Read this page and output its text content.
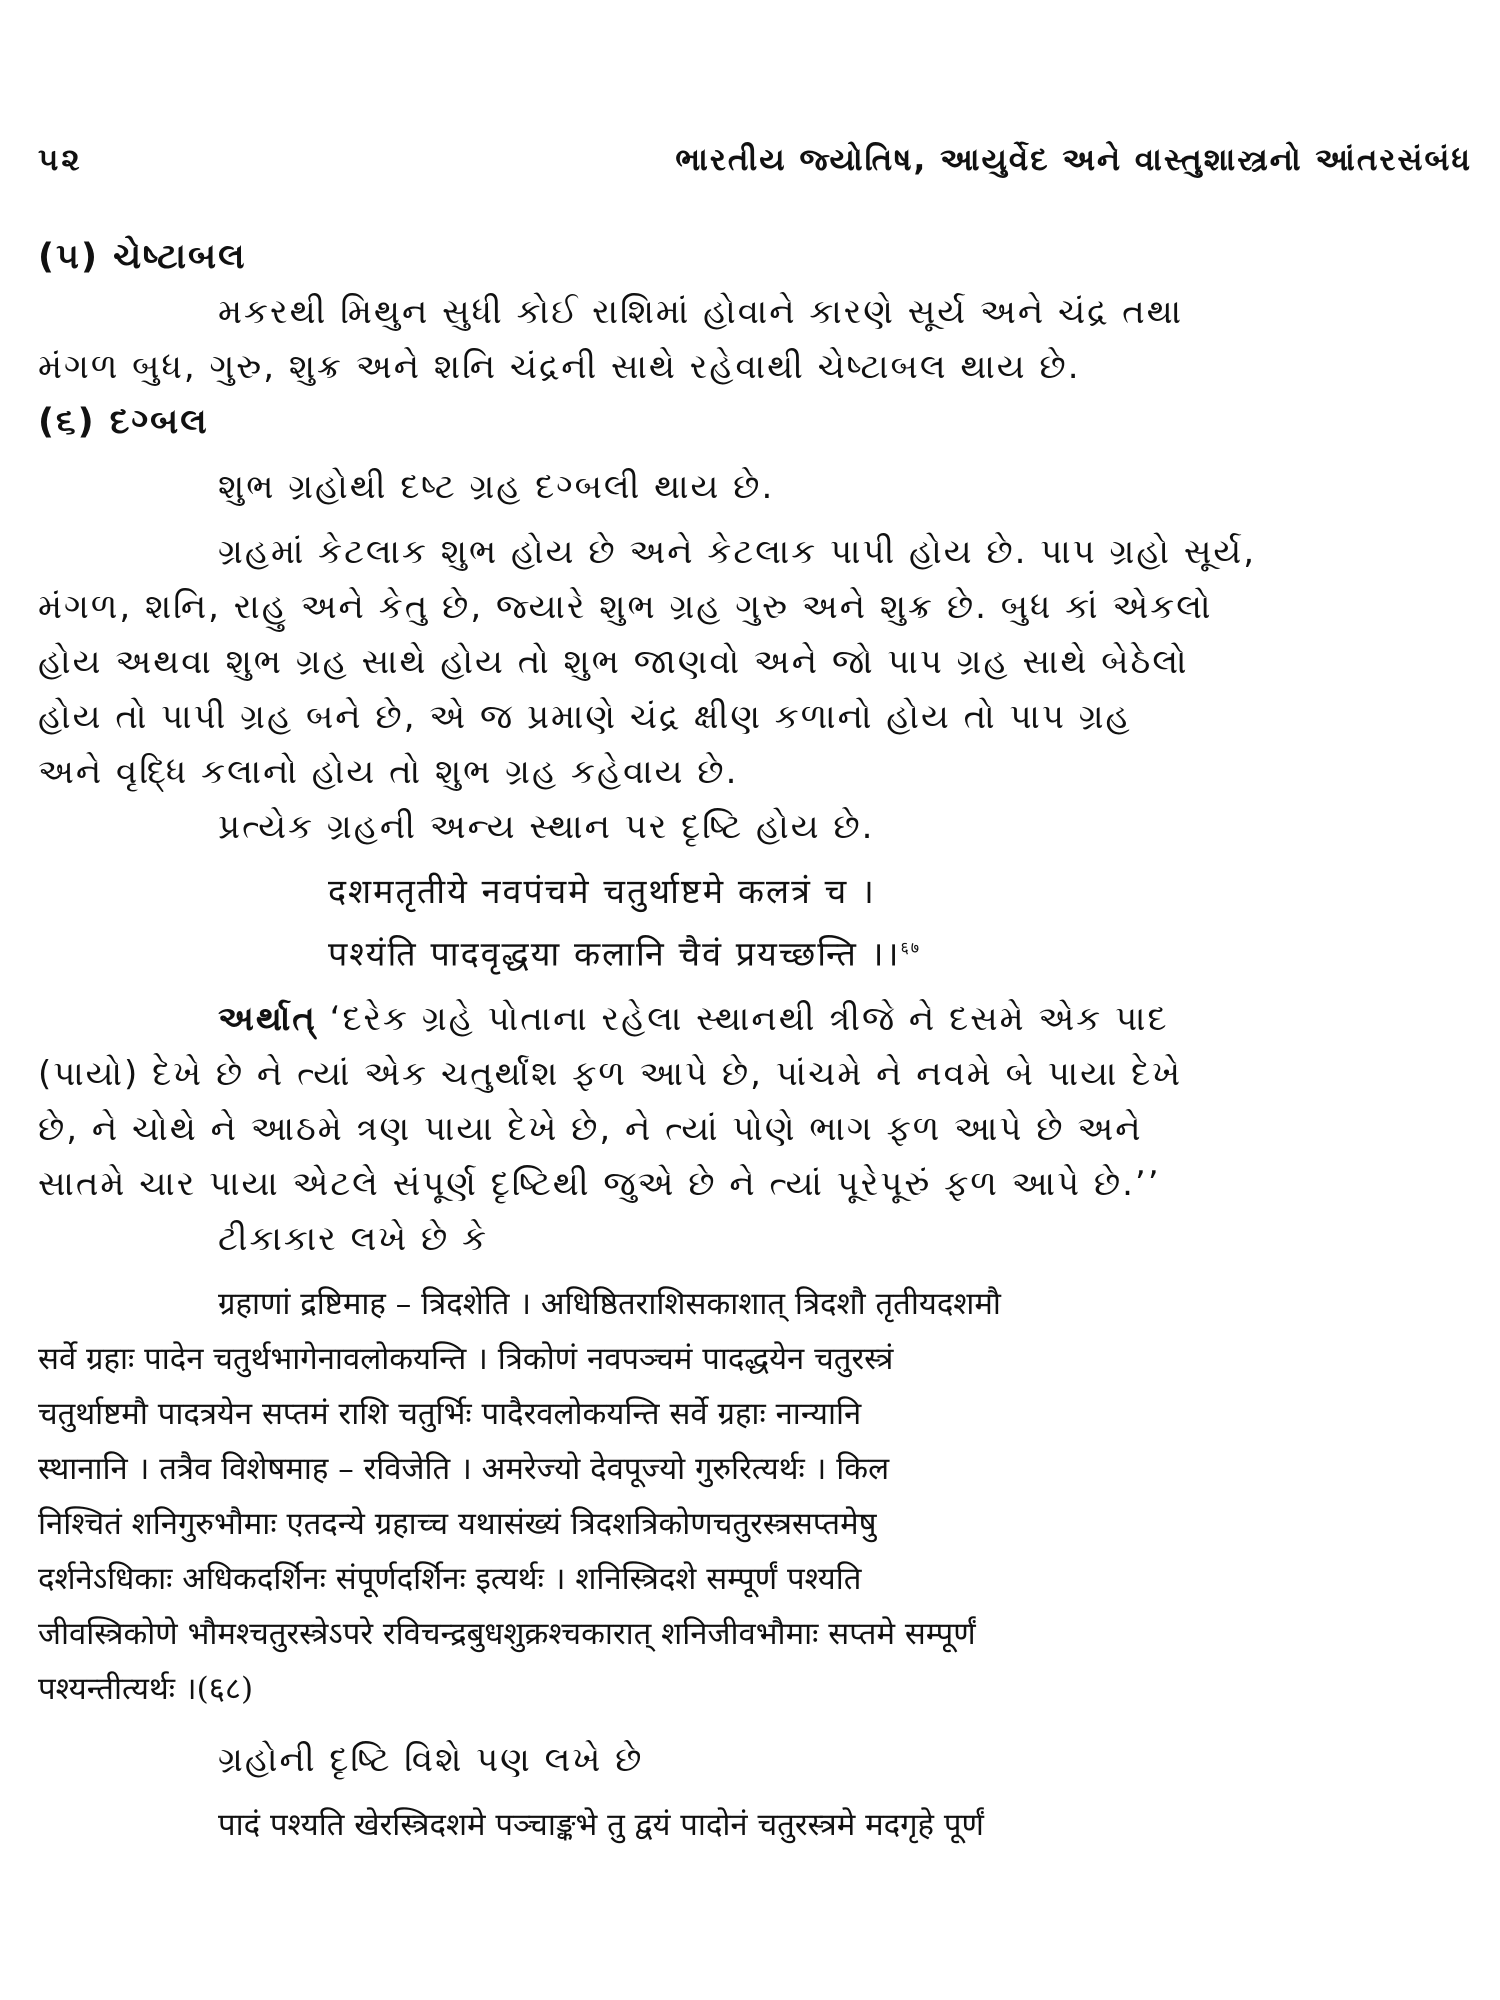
૫૨	ભારતીય જ્યોતિષ, આયુર્વેદ અને વાસ્તુશાસ્ત્રનો આંતરસંબંધ
(૫) ચેષ્ટાબલ
મકરથી મિથુન સુધી કોઈ રાશિમાં હોવાને કારણે સૂર્ય અને ચંદ્ર તથા
મંગળ બુધ, ગુરુ, શુક્ર અને શનિ ચંદ્રની સાથે રહેવાથી ચેષ્ટાબલ થાય છે.
(૬) દગ્બલ
શુભ ગ્રહોથી દષ્ટ ગ્રહ દગ્બલી થાય છે.
ગ્રહમાં કેટલાક શુભ હોય છે અને કેટલાક પાપી હોય છે. પાપ ગ્રહો સૂર્ય,
મંગળ, શનિ, રાહુ અને કેતુ છે, જ્યારે શુભ ગ્રહ ગુરુ અને શુક્ર છે. બુધ કાં એકલો
હોય અથવા શુભ ગ્રહ સાથે હોય તો શુભ જાણવો અને જો પાપ ગ્રહ સાથે બેઠેલો
હોય તો પાપી ગ્રહ બને છે, એ જ પ્રમાણે ચંદ્ર ક્ષીણ કળાનો હોય તો પાપ ગ્રહ
અને વૃદ્ધિ કલાનો હોય તો શુભ ગ્રહ કહેવાય છે.
પ્રત્યેક ગ્રહની અન્ય સ્થાન પર દૃષ્ટિ હોય છે.
दशमतृतीये नवपंचमे चतुर्थाष्टमे कलत्रं च ।
पश्यंति पादवृद्धया कलानि चैवं प्रयच्छन्ति ।।$^{६७}$
અર્થાત્ ‘દરેક ગ્રહે પોતાના રહેલા સ્થાનથી ત્રીજે ને દસમે એક પાદ
(પાયો) દેખે છે ને ત્યાં એક ચતુર્થાંશ ફળ આપે છે, પાંચમે ને નવમે બે પાયા દેખે
છે, ને ચોથે ને આઠમે ત્રણ પાયા દેખે છે, ને ત્યાં પોણે ભાગ ફળ આપે છે અને
સાતમે ચાર પાયા એટલે સંપૂર્ણ દૃષ્ટિથી જુએ છે ને ત્યાં પૂરેપૂરું ફળ આપે છે.’’
ટીકાકાર લખે છે કે
ग्रहाणां द्रष्टिमाह – त्रिदशेति । अधिष्ठितराशिसकाशात् त्रिदशौ तृतीयदशमौ
सर्वे ग्रहाः पादेन चतुर्थभागेनावलोकयन्ति । त्रिकोणं नवपञ्चमं पादद्धयेन चतुरस्त्रं
चतुर्थाष्टमौ पादत्रयेन सप्तमं राशि चतुर्भिः पादैरवलोकयन्ति सर्वे ग्रहाः नान्यानि
स्थानानि । तत्रैव विशेषमाह – रविजेति । अमरेज्यो देवपूज्यो गुरुरित्यर्थः । किल
निश्चितं शनिगुरुभौमाः एतदन्ये ग्रहाच्च यथासंख्यं त्रिदशत्रिकोणचतुरस्त्रसप्तमेषु
दर्शनेऽधिकाः अधिकदर्शिनः संपूर्णदर्शिनः इत्यर्थः । शनिस्त्रिदशे सम्पूर्णं पश्यति
जीवस्त्रिकोणे भौमश्चतुरस्त्रेऽपरे रविचन्द्रबुधशुक्रश्चकारात् शनिजीवभौमाः सप्तमे सम्पूर्णं
पश्यन्तीत्यर्थः ।(६८)
ગ્રહોની દૃષ્ટિ વિશે પણ લખે છે
पादं पश्यति खेरस्त्रिदशमे पञ्चाङ्कभे तु द्वयं पादोनं चतुरस्त्रमे मदगृहे पूर्णं
